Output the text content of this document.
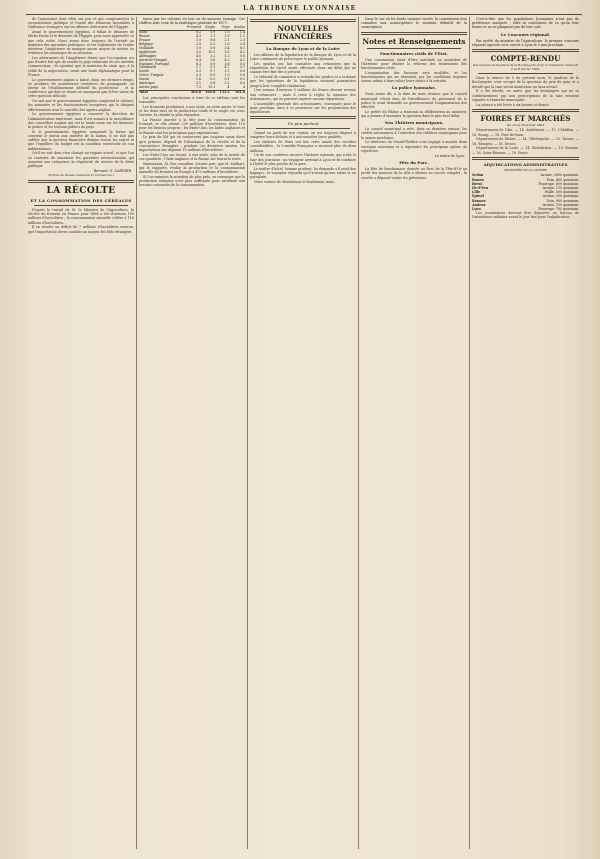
LA TRIBUNE LYONNAISE

de l'autonomie dont elles ont joui et qui compromettra la reconstitution politique et l'unité des éléments favorables à l'influence étrangère sur les affaires intérieures de l'Égypte.

Avant le gouvernement égyptien, il fallait le désastre de Hicks-Pacha et le désastre de l'Egypte pour nous apprendre ce que cela coûte. Nous avons donc toujours de l'intérêt au maintien des garanties politiques, et les règlements de l'ordre intérieur, l'Angleterre ne manque aucun moyen de mettre en évidence les avantages de sa situation.

Les adversaires de l'Angleterre disent que l'occupation n'a pas d'autre but que de rendre le pays tributaire de ses intérêts commerciaux ; ils ajoutent que le maintien du statu quo, à la veille de la négociation, serait une faute diplomatique pour la France.

Le gouvernement anglais a laissé, dans ces derniers temps, se produire de nombreuses tentatives de propagande en faveur de l'établissement définitif du protectorat ; et la conférence qui doit se réunir ne manquera pas d'être saisie de cette question délicate.

On sait que le gouvernement égyptien comprend le cabinet, les ministres et les fonctionnaires européens qui le dirigent effectivement sous le contrôle des agents anglais.

Le gouvernement égyptien a conservé la direction de l'administration intérieure, mais il est soumis à la surveillance des conseillers anglais qui ont la haute main sur les finances, la justice et les travaux publics du pays.

Si le gouvernement égyptien comprend la forme qui convient le mieux aux intérêts de la nation, il ne doit pas oublier que la question financière domine toutes les autres et que l'équilibre du budget est la condition essentielle de son indépendance.

Qu'il ne soit donc rien changé au régime actuel, et que l'on se contente de maintenir les garanties internationales qui assurent aux créanciers la régularité du service de la dette publique.

Bernard, G. GARNIER.
(Extrait du Monde industriel et commercial.)
LA RÉCOLTE
ET LA CONSOMMATION DES CÉRÉALES

D'après le travail de M. le Ministre de l'Agriculture, la récolte du froment en France pour 1884 a été d'environ 109 millions d'hectolitres ; la consommation annuelle s'élève à 116 millions d'hectolitres.

Il en résulte un déficit de 7 millions d'hectolitres environ, que l'importation devra combler au moyen des blés étrangers.

tenue par les cultures du bon ou du mauvais tonnage. Ces chiffres sont ceux de la statistique générale de 1879 :

	Froment	Seigle	Orge	Avoine
Italie	6.2	0.9	1.5	1.4
Russie	4.3	1.1	2.9	1.1
France	3.9	9.6	2.1	2.3
Belgique	2.5	3.3	2.9	3.4
Hollande	3.9	5.6	3.4	8.1
Angleterre	3.5	10.5	3.3	4.2
Allemagne	4.0	3.2	1.3	0.6
Autriche-Hongrie	6.4	3.6	4.2	4.1
Espagne, Portugal	8.3	0.9	3.6	0.5
Danemark	1.7	2.1	4.7	3.7
Suède	0.3	0.7	1.1	0.6
Grèce, Turquie	3.3	0.9	1.9	0.6
Suisse	1.6	0.3	0.1	0.2
Amérique	3.1	0.8	3.2	4.0
Autres pays	7.3	10.3	4	4
Total	202.8	102.8	151.2	101.8

Les principales conclusions à tirer de ce tableau sont les suivantes :

Les froments produisent, à nos seuls, en cette année, le tiers et les deux tiers de la production totale et le seigle est, avec l'avoine, la céréale la plus répandue.

La France marche à la tête pour la consommation du froment, et elle atteint 230 millions d'hectolitres, dont 116 pour les besoins propres ; les États-Unis, les Indes anglaises et la Russie sont les principaux pays exportateurs.

Le prix du blé qui se conservera pas toujours aussi élevé qu'à présent, dépend de l'abondance de la récolte et de la concurrence étrangère ; pendant ces dernières années, les importations ont dépassé 18 millions d'hectolitres.

Les États-Unis ont fourni, à eux seuls, plus de la moitié de ces quantités ; l'Inde anglaise et la Russie ont fourni le reste.

Maintenant, M. Fox considère, d'autre part, que M. Malhart, qui le rapporte, évalue la production et la consommation annuelle du froment en Europe à 470 millions d'hectolitres.

Si l'on examine la situation de plus près, on remarque que la production indigène n'est plus suffisante pour satisfaire aux besoins croissants de la consommation.

NOUVELLES FINANCIÈRES
La Banque de Lyon et de la Loire

Les affaires de la liquidation de la Banque de Lyon et de la Loire continuent de préoccuper le public lyonnais.

Les syndics ont fait connaître aux créanciers que la répartition de l'actif serait effectuée dans un délai qui ne saurait être fixé dès à présent.

Le tribunal de commerce a entendu les syndics et a ordonné que les opérations de la liquidation seraient poursuivies jusqu'à leur complète réalisation.

Une somme d'environ 3 millions de francs devrait revenir aux créanciers ; mais il reste à régler la situation des actionnaires, qui ne peuvent espérer aucune répartition.

L'assemblée générale des actionnaires, convoquée pour le mois prochain, aura à se prononcer sur les propositions des liquidateurs.

Un peu partout

Quand on parle de nos voisins, on est toujours disposé à exagérer leurs défauts et à méconnaître leurs qualités.

Les théâtres de Paris ont fait cette année des recettes considérables ; la Comédie-Française a encaissé plus de deux millions.

Un de nos confrères raconte l'histoire suivante, qui a fait le tour des journaux : un voyageur arrivant à Lyon se fit conduire à l'hôtel le plus proche de la gare.

Le maître d'hôtel, homme prudent, lui demanda s'il avait des bagages ; le voyageur répondit qu'il n'avait qu'une valise et un parapluie.

Votre voiture de Montbrison le lendemain, mais...

Dans le cas où les fonds seraient versés, la commission fera connaître aux souscripteurs le montant définitif de la souscription.

Notes et Renseignements
Fonctionnaires civils de l'État.

Une commission vient d'être instituée au ministère de l'Intérieur pour étudier la réforme des traitements des fonctionnaires civils.

L'organisation des bureaux sera modifiée, et les fonctionnaires qui ne réuniront pas les conditions requises seront admis à faire valoir leurs droits à la retraite.

La police lyonnaise.

Nous avons dit, à la date du mois dernier, que le conseil municipal s'était ému de l'insuffisance du personnel de la police et avait demandé au gouvernement l'augmentation des effectifs.

Le préfet du Rhône a transmis la délibération au ministre, qui a promis d'examiner la question dans le plus bref délai.

Nos Théâtres municipaux.

Le conseil municipal a voté, dans sa dernière séance, les crédits nécessaires à l'entretien des théâtres municipaux pour la saison prochaine.

Le directeur du Grand-Théâtre s'est engagé à monter deux ouvrages nouveaux et à reprendre les principaux opéras du répertoire.

Le maire de Lyon,
Fête du Parc.

La fête de bienfaisance donnée au Parc de la Tête-d'Or au profit des pauvres de la ville a obtenu un succès complet ; la recette a dépassé toutes les prévisions.

C'est-à-dire que les populations lyonnaises n'ont pas de préférence marquée ; elles se contentent de ce qu'on leur donne et ne se plaignent pas de leur sort.

Le Concours régional.

Par arrêté du ministre de l'Agriculture, le premier concours régional agricole sera ouvert à Lyon le 5 mai prochain.

COMPTE-RENDU
Des séances du Syndicat de la Boulangerie et de la Confiserie réunis du 2 au 8 février 1884.

Dans la séance du 5 du présent mois, le syndicat de la Boulangerie s'est occupé de la question du prix du pain et a décidé que la taxe serait maintenue au taux actuel.

Il a été décidé, en outre, que les boulangers qui ne se conformeraient pas aux prescriptions de la taxe seraient signalés à l'autorité municipale.

La séance a été levée à six heures et demie.

FOIRES ET MARCHÉS
Du 14 au 20 février 1884

Département de l'Ain. — 14. Ambérieux. — 15. Châtillon. — 16. Bourg. — 18. Pont-de-Vaux.

Département du Rhône. — 14. Villefranche. — 15. Tarare. — 16. Beaujeu. — 18. Givors.

Département de la Loire. — 14. Montbrison. — 15. Roanne. — 16. Saint-Étienne. — 18. Feurs.

ADJUDICATIONS ADMINISTRATIVES
MINISTÈRE DE LA GUERRE
Sedan	Avoine, 3000 quintaux.
Rouen	Foin, 400 quintaux.
Brest	Fourrage, 600 quintaux.
Ile-d'Yeu	Avoine, 110 quintaux.
Lille	Paille, 500 quintaux.
Épinal	Avoine, 200 quintaux.
Rennes	Foin, 900 quintaux.
Amiens	Avoine, 150 quintaux.
Lyon	Fourrage, 700 quintaux.

Les soumissions devront être déposées au bureau de l'intendance militaire avant le jour fixé pour l'adjudication.
